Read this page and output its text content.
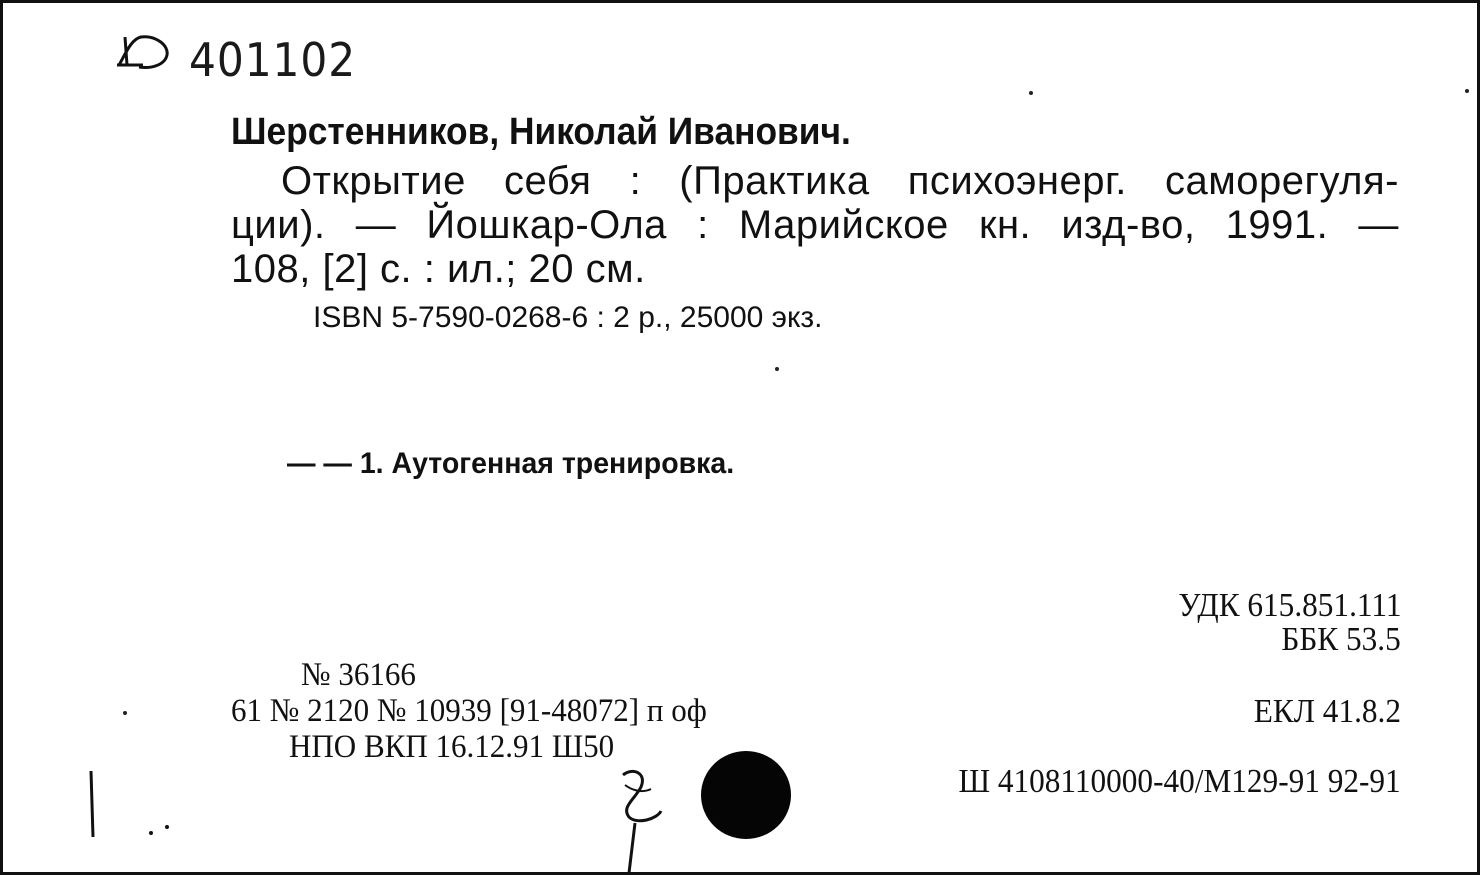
401102
Шерстенников, Николай Иванович.
Открытие себя : (Практика психоэнерг. саморегуля-
ции). — Йошкар-Ола : Марийское кн. изд-во, 1991. —
108, [2] с. : ил.; 20 см.
ISBN 5-7590-0268-6 : 2 р., 25000 экз.
— — 1. Аутогенная тренировка.
УДК 615.851.111
ББК 53.5
ЕКЛ 41.8.2
Ш 4108110000-40/М129-91 92-91
№ 36166
61 № 2120 № 10939 [91-48072] п оф
НПО ВКП 16.12.91 Ш50
